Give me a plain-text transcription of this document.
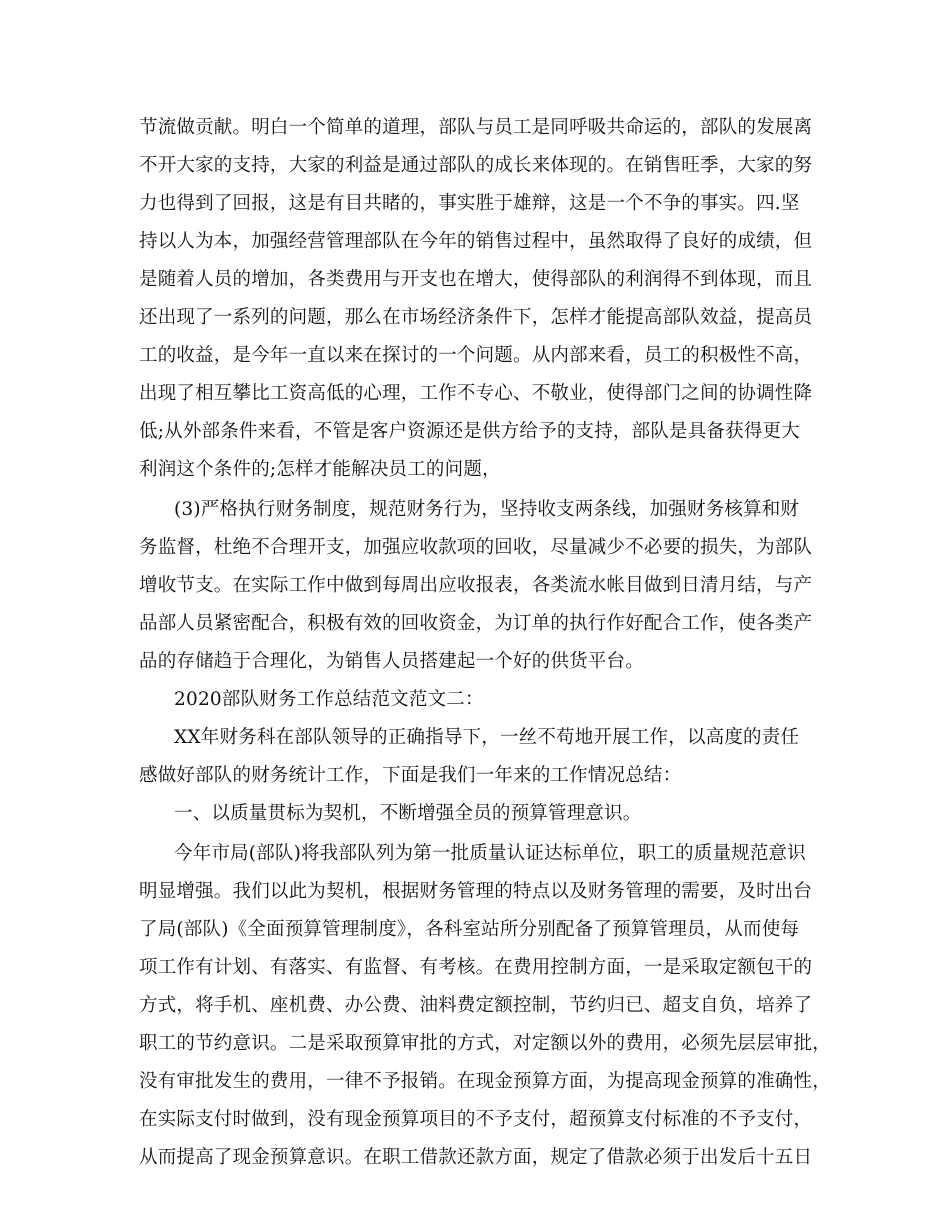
节流做贡献。明白一个简单的道理，部队与员工是同呼吸共命运的，部队的发展离
不开大家的支持，大家的利益是通过部队的成长来体现的。在销售旺季，大家的努
力也得到了回报，这是有目共睹的，事实胜于雄辩，这是一个不争的事实。四.坚
持以人为本，加强经营管理部队在今年的销售过程中，虽然取得了良好的成绩，但
是随着人员的增加，各类费用与开支也在增大，使得部队的利润得不到体现，而且
还出现了一系列的问题，那么在市场经济条件下，怎样才能提高部队效益，提高员
工的收益，是今年一直以来在探讨的一个问题。从内部来看，员工的积极性不高，
出现了相互攀比工资高低的心理，工作不专心、不敬业，使得部门之间的协调性降
低;从外部条件来看，不管是客户资源还是供方给予的支持，部队是具备获得更大
利润这个条件的;怎样才能解决员工的问题，
(3)严格执行财务制度，规范财务行为，坚持收支两条线，加强财务核算和财
务监督，杜绝不合理开支，加强应收款项的回收，尽量减少不必要的损失，为部队
增收节支。在实际工作中做到每周出应收报表，各类流水帐目做到日清月结，与产
品部人员紧密配合，积极有效的回收资金，为订单的执行作好配合工作，使各类产
品的存储趋于合理化，为销售人员搭建起一个好的供货平台。
2020部队财务工作总结范文范文二：
XX年财务科在部队领导的正确指导下，一丝不苟地开展工作，以高度的责任
感做好部队的财务统计工作，下面是我们一年来的工作情况总结：
一、以质量贯标为契机，不断增强全员的预算管理意识。
今年市局(部队)将我部队列为第一批质量认证达标单位，职工的质量规范意识
明显增强。我们以此为契机，根据财务管理的特点以及财务管理的需要，及时出台
了局(部队)《全面预算管理制度》，各科室站所分别配备了预算管理员，从而使每
项工作有计划、有落实、有监督、有考核。在费用控制方面，一是采取定额包干的
方式，将手机、座机费、办公费、油料费定额控制，节约归已、超支自负，培养了
职工的节约意识。二是采取预算审批的方式，对定额以外的费用，必须先层层审批，
没有审批发生的费用，一律不予报销。在现金预算方面，为提高现金预算的准确性，
在实际支付时做到，没有现金预算项目的不予支付，超预算支付标准的不予支付，
从而提高了现金预算意识。在职工借款还款方面，规定了借款必须于出发后十五日
